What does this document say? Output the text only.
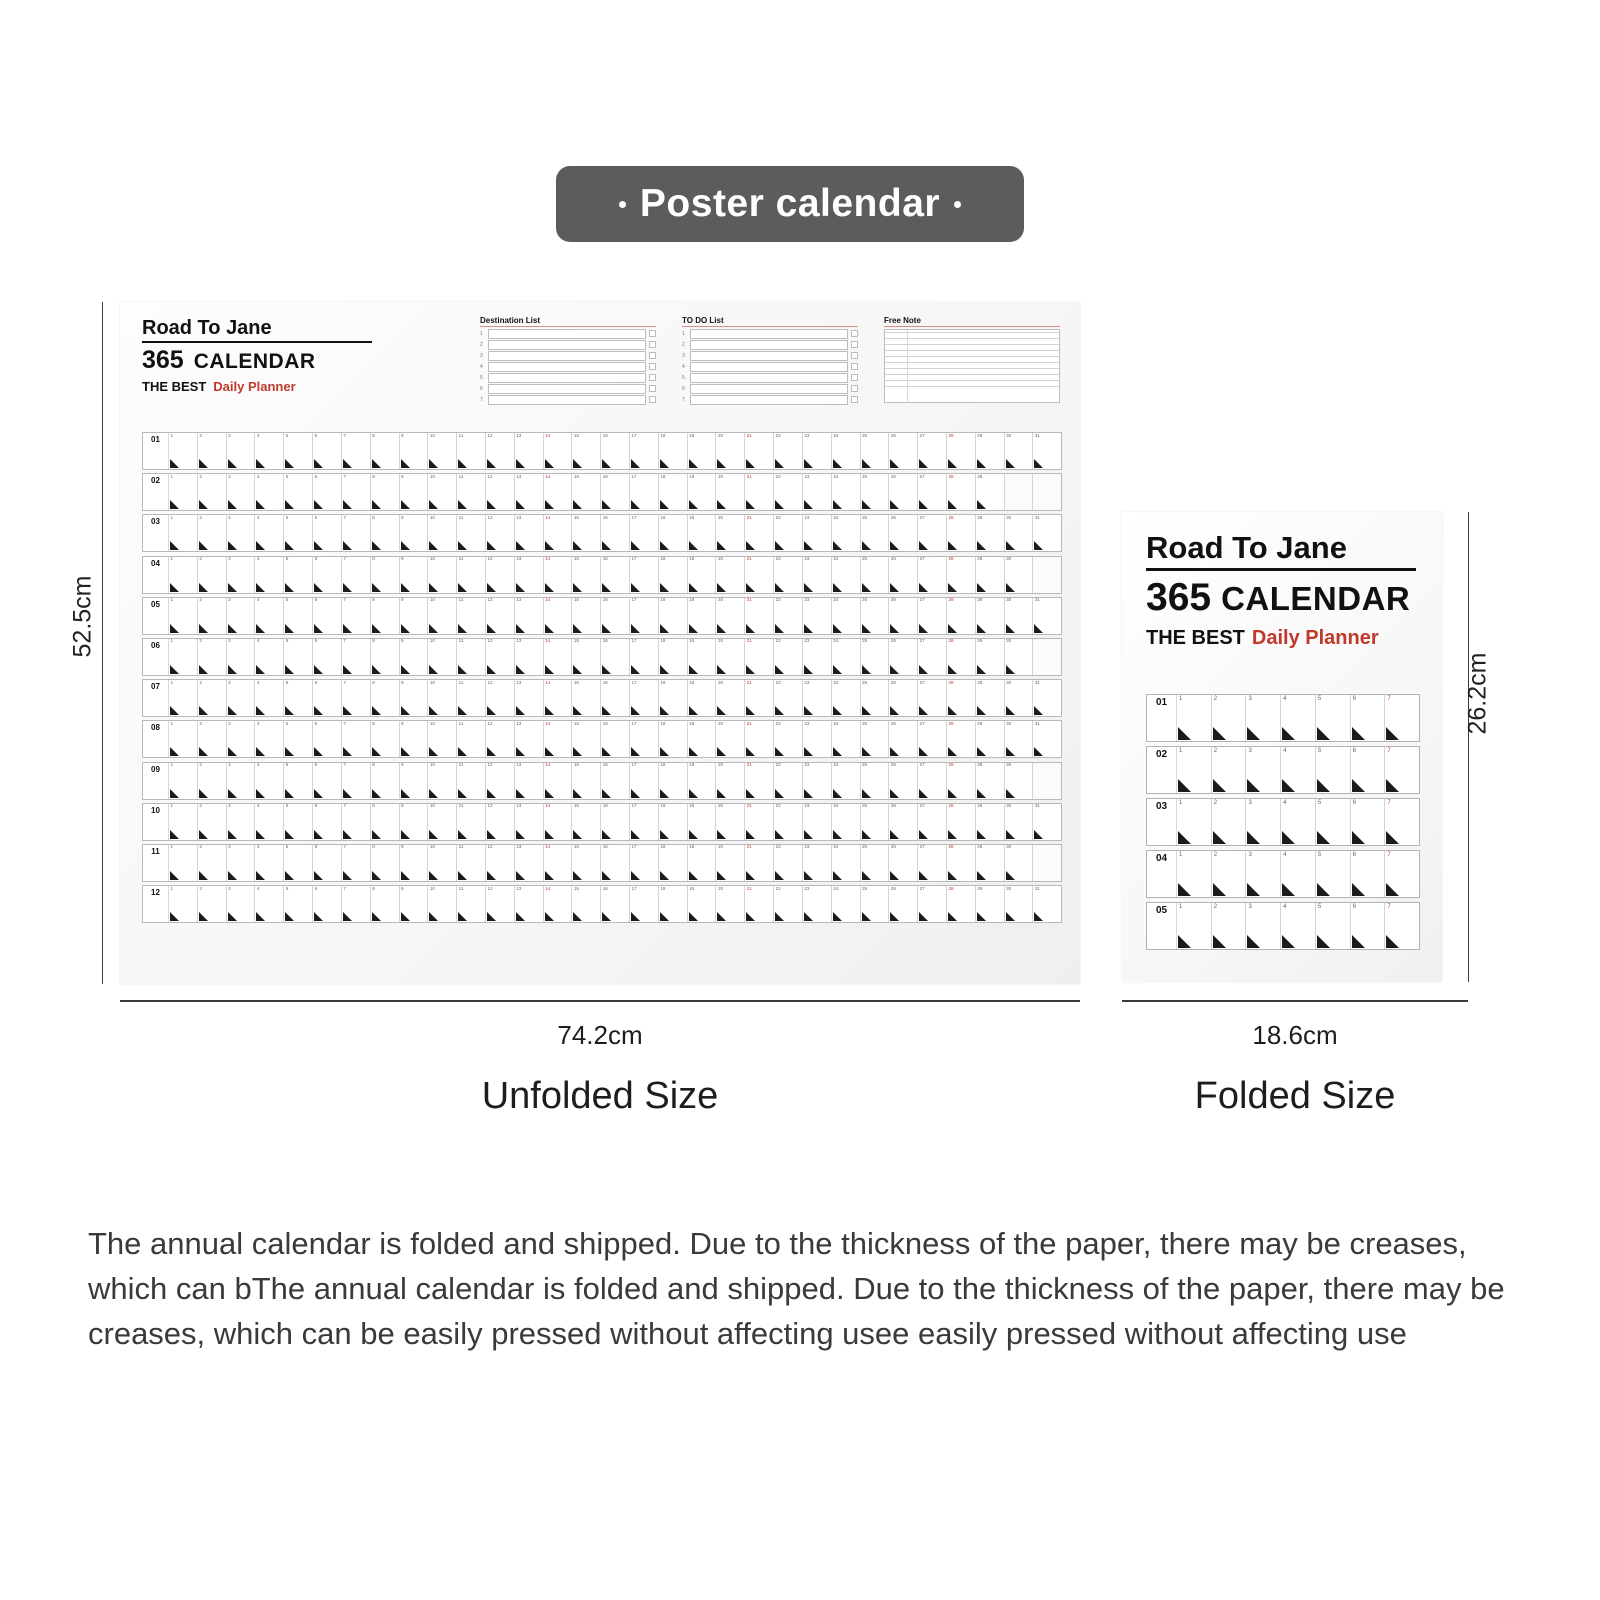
Poster calendar
Road To Jane
365 CALENDAR
THE BEST Daily Planner
Destination List
1
2
3
4
5
6
7
TO DO List
1
2
3
4
5
6
7
Free Note
01	1	2	3	4	5	6	7	8	9	10	11	12	13	14	15	16	17	18	19	20	21	22	23	24	25	26	27	28	29	30	31
02	1	2	3	4	5	6	7	8	9	10	11	12	13	14	15	16	17	18	19	20	21	22	23	24	25	26	27	28	29
03	1	2	3	4	5	6	7	8	9	10	11	12	13	14	15	16	17	18	19	20	21	22	23	24	25	26	27	28	29	30	31
04	1	2	3	4	5	6	7	8	9	10	11	12	13	14	15	16	17	18	19	20	21	22	23	24	25	26	27	28	29	30
05	1	2	3	4	5	6	7	8	9	10	11	12	13	14	15	16	17	18	19	20	21	22	23	24	25	26	27	28	29	30	31
06	1	2	3	4	5	6	7	8	9	10	11	12	13	14	15	16	17	18	19	20	21	22	23	24	25	26	27	28	29	30
07	1	2	3	4	5	6	7	8	9	10	11	12	13	14	15	16	17	18	19	20	21	22	23	24	25	26	27	28	29	30	31
08	1	2	3	4	5	6	7	8	9	10	11	12	13	14	15	16	17	18	19	20	21	22	23	24	25	26	27	28	29	30	31
09	1	2	3	4	5	6	7	8	9	10	11	12	13	14	15	16	17	18	19	20	21	22	23	24	25	26	27	28	29	30
10	1	2	3	4	5	6	7	8	9	10	11	12	13	14	15	16	17	18	19	20	21	22	23	24	25	26	27	28	29	30	31
11	1	2	3	4	5	6	7	8	9	10	11	12	13	14	15	16	17	18	19	20	21	22	23	24	25	26	27	28	29	30
12	1	2	3	4	5	6	7	8	9	10	11	12	13	14	15	16	17	18	19	20	21	22	23	24	25	26	27	28	29	30	31
Road To Jane
365 CALENDAR
THE BEST Daily Planner
01	1	2	3	4	5	6	7
02	1	2	3	4	5	6	7
03	1	2	3	4	5	6	7
04	1	2	3	4	5	6	7
05	1	2	3	4	5	6	7
52.5cm
26.2cm
74.2cm	18.6cm
Unfolded Size	Folded Size
The annual calendar is folded and shipped. Due to the thickness of the paper, there may be creases, which can bThe annual calendar is folded and shipped. Due to the thickness of the paper, there may be creases, which can be easily pressed without affecting usee easily pressed without affecting use
